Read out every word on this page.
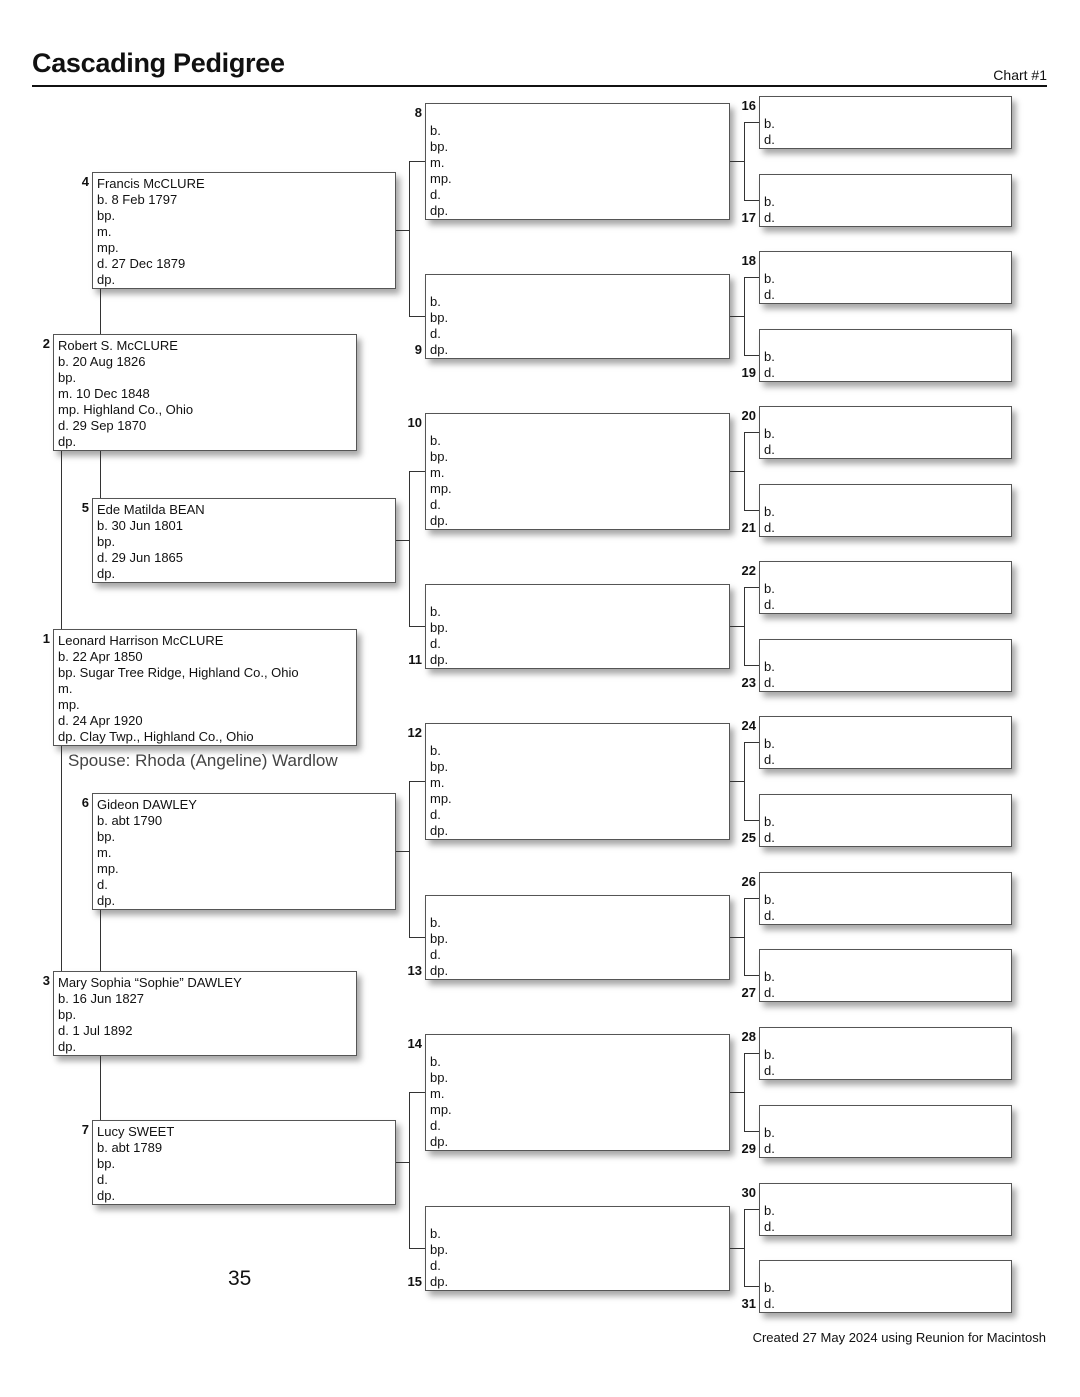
Cascading Pedigree	Chart #1
Francis McCLURE
b. 8 Feb 1797
bp.
m.
mp.
d. 27 Dec 1879
dp.
4
Robert S. McCLURE
b. 20 Aug 1826
bp.
m. 10 Dec 1848
mp. Highland Co., Ohio
d. 29 Sep 1870
dp.
2
Ede Matilda BEAN
b. 30 Jun 1801
bp.
d. 29 Jun 1865
dp.
5
Leonard Harrison McCLURE
b. 22 Apr 1850
bp. Sugar Tree Ridge, Highland Co., Ohio
m.
mp.
d. 24 Apr 1920
dp. Clay Twp., Highland Co., Ohio
1
Gideon DAWLEY
b. abt 1790
bp.
m.
mp.
d.
dp.
6
Mary Sophia “Sophie” DAWLEY
b. 16 Jun 1827
bp.
d. 1 Jul 1892
dp.
3
Lucy SWEET
b. abt 1789
bp.
d.
dp.
7
b.
bp.
m.
mp.
d.
dp.
8
b.
bp.
d.
dp.
9
b.
bp.
m.
mp.
d.
dp.
10
b.
bp.
d.
dp.
11
b.
bp.
m.
mp.
d.
dp.
12
b.
bp.
d.
dp.
13
b.
bp.
m.
mp.
d.
dp.
14
b.
bp.
d.
dp.
15
b.
d.
16
b.
d.
17
b.
d.
18
b.
d.
19
b.
d.
20
b.
d.
21
b.
d.
22
b.
d.
23
b.
d.
24
b.
d.
25
b.
d.
26
b.
d.
27
b.
d.
28
b.
d.
29
b.
d.
30
b.
d.
31
Spouse: Rhoda (Angeline) Wardlow
35
Created 27 May 2024 using Reunion for Macintosh
